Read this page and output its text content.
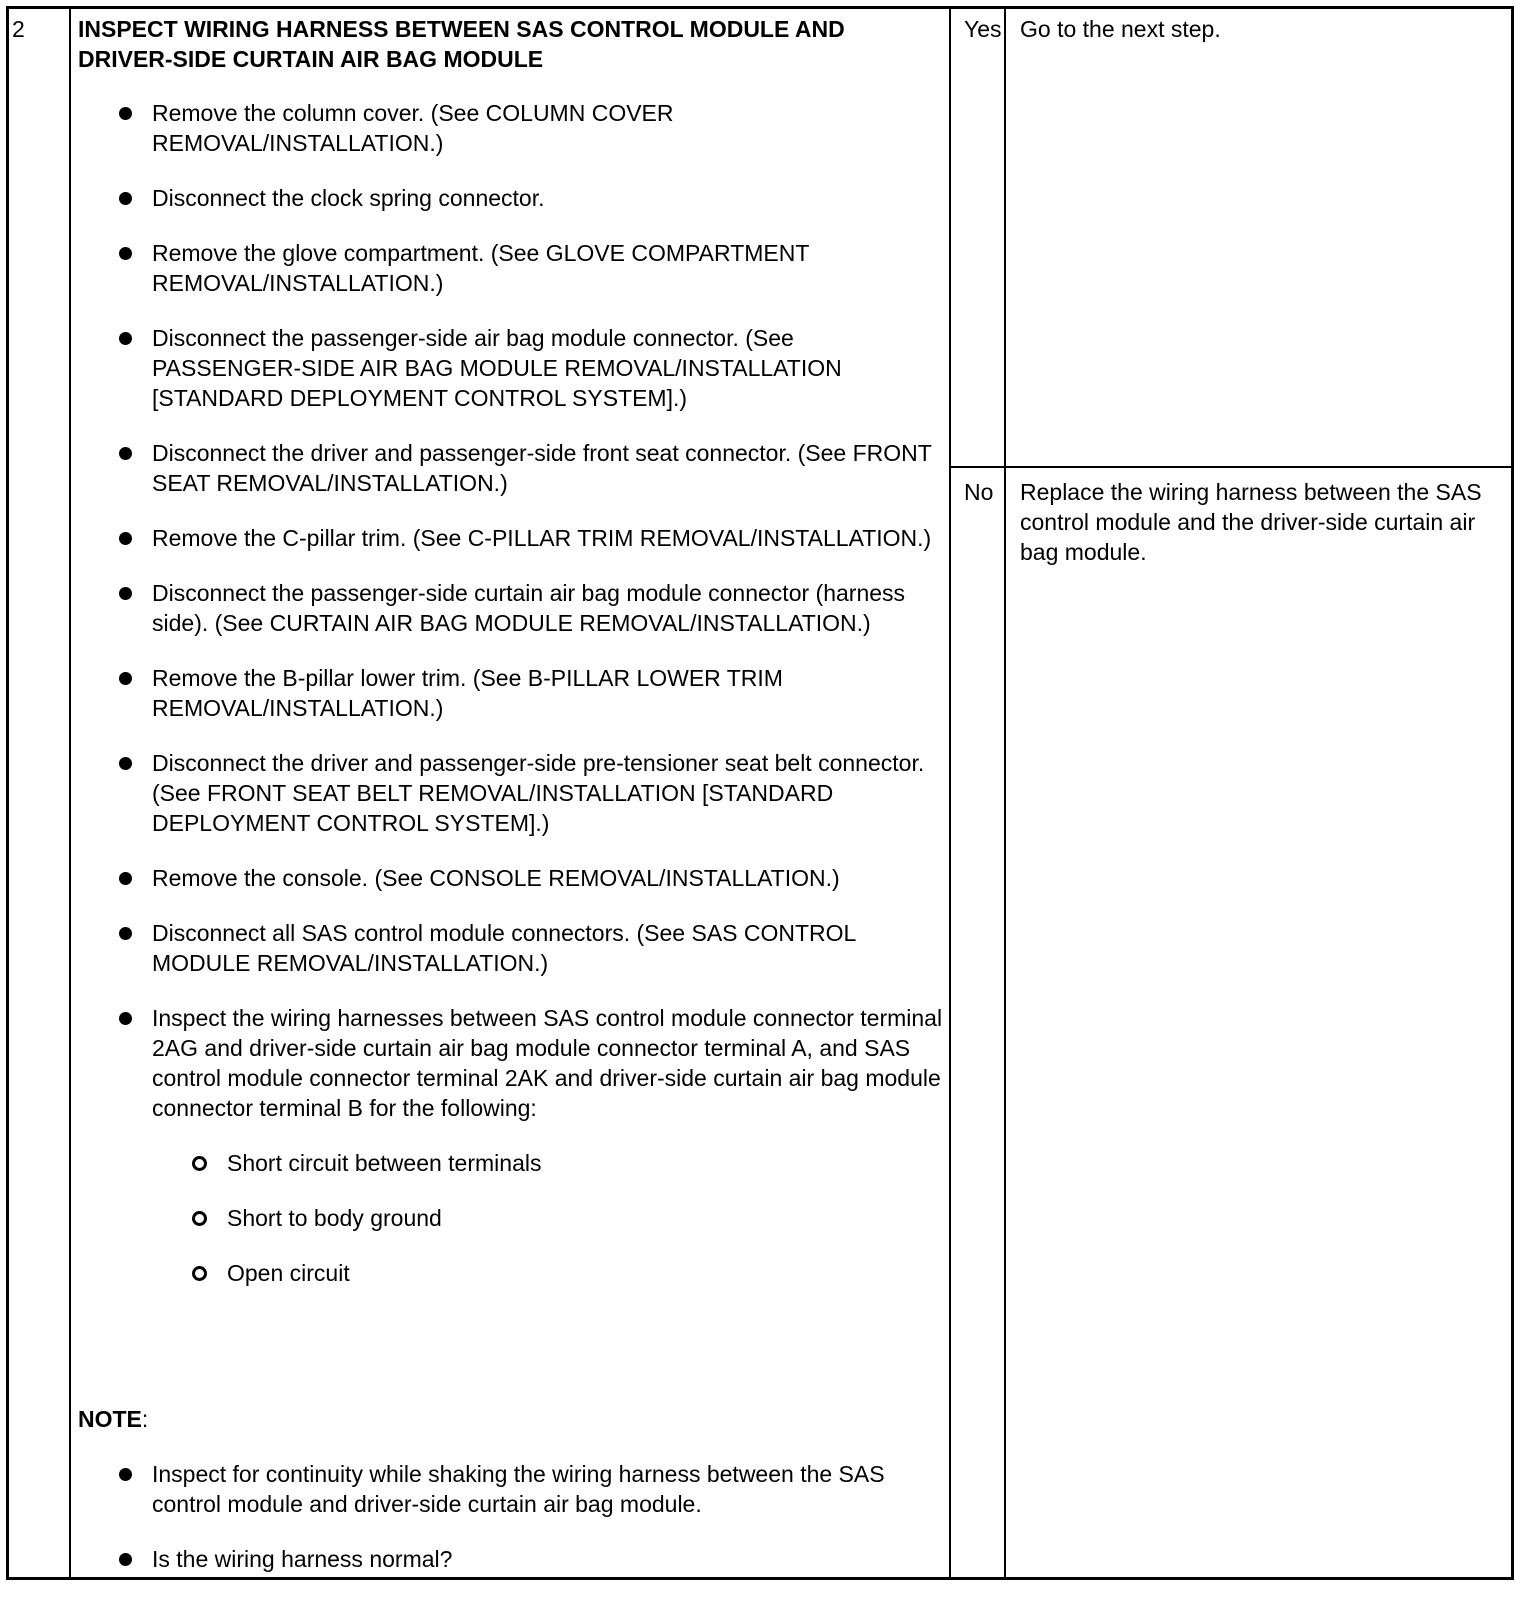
2 INSPECT WIRING HARNESS BETWEEN SAS CONTROL MODULE AND DRIVER-SIDE CURTAIN AIR BAG MODULE
Remove the column cover. (See COLUMN COVER REMOVAL/INSTALLATION.)
Disconnect the clock spring connector.
Remove the glove compartment. (See GLOVE COMPARTMENT REMOVAL/INSTALLATION.)
Disconnect the passenger-side air bag module connector. (See PASSENGER-SIDE AIR BAG MODULE REMOVAL/INSTALLATION [STANDARD DEPLOYMENT CONTROL SYSTEM].)
Disconnect the driver and passenger-side front seat connector. (See FRONT SEAT REMOVAL/INSTALLATION.)
Remove the C-pillar trim. (See C-PILLAR TRIM REMOVAL/INSTALLATION.)
Disconnect the passenger-side curtain air bag module connector (harness side). (See CURTAIN AIR BAG MODULE REMOVAL/INSTALLATION.)
Remove the B-pillar lower trim. (See B-PILLAR LOWER TRIM REMOVAL/INSTALLATION.)
Disconnect the driver and passenger-side pre-tensioner seat belt connector. (See FRONT SEAT BELT REMOVAL/INSTALLATION [STANDARD DEPLOYMENT CONTROL SYSTEM].)
Remove the console. (See CONSOLE REMOVAL/INSTALLATION.)
Disconnect all SAS control module connectors. (See SAS CONTROL MODULE REMOVAL/INSTALLATION.)
Inspect the wiring harnesses between SAS control module connector terminal 2AG and driver-side curtain air bag module connector terminal A, and SAS control module connector terminal 2AK and driver-side curtain air bag module connector terminal B for the following:
Short circuit between terminals
Short to body ground
Open circuit
NOTE:
Inspect for continuity while shaking the wiring harness between the SAS control module and driver-side curtain air bag module.
Is the wiring harness normal?
Yes Go to the next step.
No Replace the wiring harness between the SAS control module and the driver-side curtain air bag module.
